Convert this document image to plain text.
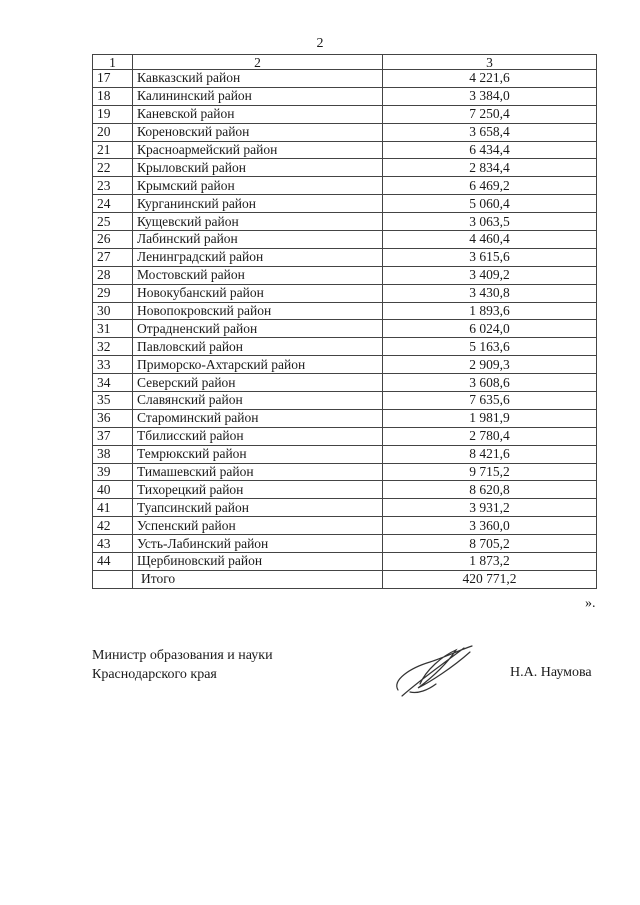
2
1	2	3
17	Кавказский район	4 221,6
18	Калининский район	3 384,0
19	Каневской район	7 250,4
20	Кореновский район	3 658,4
21	Красноармейский район	6 434,4
22	Крыловский район	2 834,4
23	Крымский район	6 469,2
24	Курганинский район	5 060,4
25	Кущевский район	3 063,5
26	Лабинский район	4 460,4
27	Ленинградский район	3 615,6
28	Мостовский район	3 409,2
29	Новокубанский район	3 430,8
30	Новопокровский район	1 893,6
31	Отрадненский район	6 024,0
32	Павловский район	5 163,6
33	Приморско-Ахтарский район	2 909,3
34	Северский район	3 608,6
35	Славянский район	7 635,6
36	Староминский район	1 981,9
37	Тбилисский район	2 780,4
38	Темрюкский район	8 421,6
39	Тимашевский район	9 715,2
40	Тихорецкий район	8 620,8
41	Туапсинский район	3 931,2
42	Успенский район	3 360,0
43	Усть-Лабинский район	8 705,2
44	Щербиновский район	1 873,2
	Итого	420 771,2
».
Министр образования и науки
Краснодарского края	Н.А. Наумова
